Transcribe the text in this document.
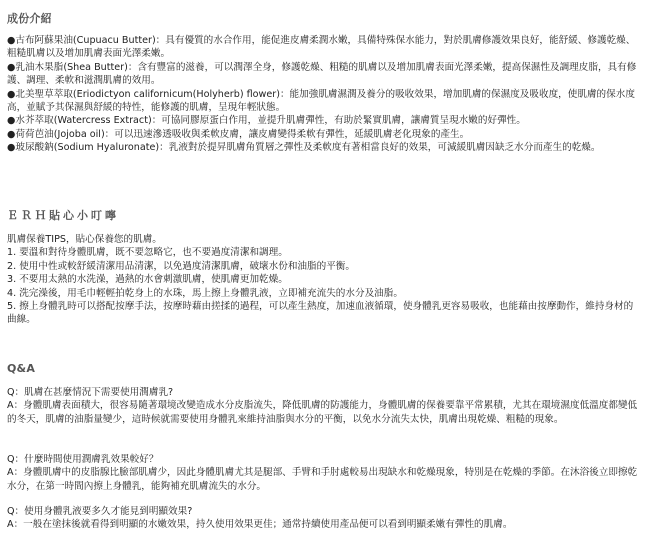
成份介紹

●古布阿蘇果油(Cupuacu Butter)：具有優質的水合作用，能促進皮膚柔潤水嫩，具備特殊保水能力，對於肌膚修護效果良好，能舒緩、修護乾燥、粗糙肌膚以及增加肌膚表面光澤柔嫩。

●乳油木果脂(Shea Butter)：含有豐富的滋養，可以潤澤全身，修護乾燥、粗糙的肌膚以及增加肌膚表面光澤柔嫩，提高保濕性及調理皮脂，具有修護、調理、柔軟和滋潤肌膚的效用。

●北美聖草萃取(Eriodictyon californicum(Holyherb) flower)：能加強肌膚濕潤及養分的吸收效果，增加肌膚的保濕度及吸收度，使肌膚的保水度高，並賦予其保濕與舒緩的特性，能修護的肌膚，呈現年輕狀態。

●水芥萃取(Watercress Extract)：可協同膠原蛋白作用，並提升肌膚彈性，有助於緊實肌膚，讓膚質呈現水嫩的好彈性。

●荷荷芭油(Jojoba oil)：可以迅速滲透吸收與柔軟皮膚，讓皮膚變得柔軟有彈性，延緩肌膚老化現象的產生。

●玻尿酸鈉(Sodium Hyaluronate)：乳液對於提昇肌膚角質層之彈性及柔軟度有著相當良好的效果，可減緩肌膚因缺乏水分而產生的乾燥。

ＥＲＨ貼心小叮嚀

肌膚保養TIPS，貼心保養您的肌膚。

1. 要溫和對待身體肌膚，既不要忽略它，也不要過度清潔和調理。

2. 使用中性或較舒緩清潔用品清潔，以免過度清潔肌膚，破壞水份和油脂的平衡。

3. 不要用太熱的水洗澡，過熱的水會刺激肌膚，使肌膚更加乾燥。

4. 洗完澡後，用毛巾輕輕拍乾身上的水珠，馬上擦上身體乳液，立即補充流失的水分及油脂。

5. 擦上身體乳時可以搭配按摩手法，按摩時藉由搓揉的過程，可以產生熱度，加速血液循環，使身體乳更容易吸收，也能藉由按摩動作，維持身材的曲線。

Q&A

Q：肌膚在甚麼情況下需要使用潤膚乳?

A：身體肌膚表面積大，很容易隨著環境改變造成水分皮脂流失，降低肌膚的防護能力，身體肌膚的保養要靠平常累積，尤其在環境濕度低溫度都變低的冬天，肌膚的油脂量變少，這時候就需要使用身體乳來維持油脂與水分的平衡，以免水分流失太快，肌膚出現乾燥、粗糙的現象。

Q：什麼時間使用潤膚乳效果較好？

A：身體肌膚中的皮脂腺比臉部肌膚少，因此身體肌膚尤其是腿部、手臂和手肘處較易出現缺水和乾燥現象，特別是在乾燥的季節。在沐浴後立即擦乾水分，在第一時間內擦上身體乳，能夠補充肌膚流失的水分。

Q：使用身體乳液要多久才能見到明顯效果?

A：一般在塗抹後就看得到明顯的水嫩效果，持久使用效果更佳；通常持續使用產品便可以看到明顯柔嫩有彈性的肌膚。
